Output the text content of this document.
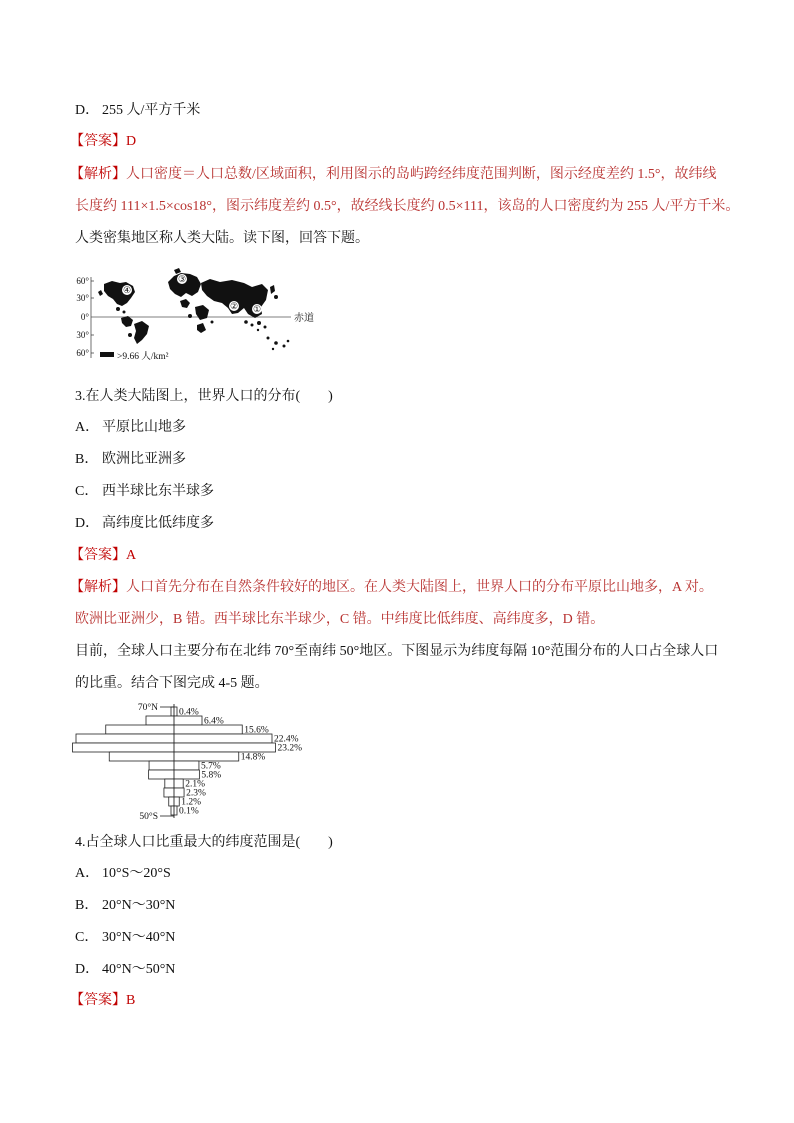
D． 255 人/平方千米
【答案】D
【解析】人口密度＝人口总数/区域面积，利用图示的岛屿跨经纬度范围判断，图示经度差约 1.5°，故纬线
长度约 111×1.5×cos18°，图示纬度差约 0.5°，故经线长度约 0.5×111，该岛的人口密度约为 255 人/平方千米。
人类密集地区称人类大陆。读下图，回答下题。
60°
30°
0°
30°
60°
赤道
④
③
② ①
>9.66 人/km²
3.在人类大陆图上，世界人口的分布(　　)
A． 平原比山地多
B． 欧洲比亚洲多
C． 西半球比东半球多
D． 高纬度比低纬度多
【答案】A
【解析】人口首先分布在自然条件较好的地区。在人类大陆图上，世界人口的分布平原比山地多，A 对。
欧洲比亚洲少，B 错。西半球比东半球少，C 错。中纬度比低纬度、高纬度多，D 错。
目前，全球人口主要分布在北纬 70°至南纬 50°地区。下图显示为纬度每隔 10°范围分布的人口占全球人口
的比重。结合下图完成 4-5 题。
0.4%
6.4%
15.6%
22.4%
23.2%
14.8%
5.7%
5.8%
2.1%
2.3%
1.2%
0.1%
70°N
50°S
4.占全球人口比重最大的纬度范围是(　　)
A． 10°S～20°S
B． 20°N～30°N
C． 30°N～40°N
D． 40°N～50°N
【答案】B
